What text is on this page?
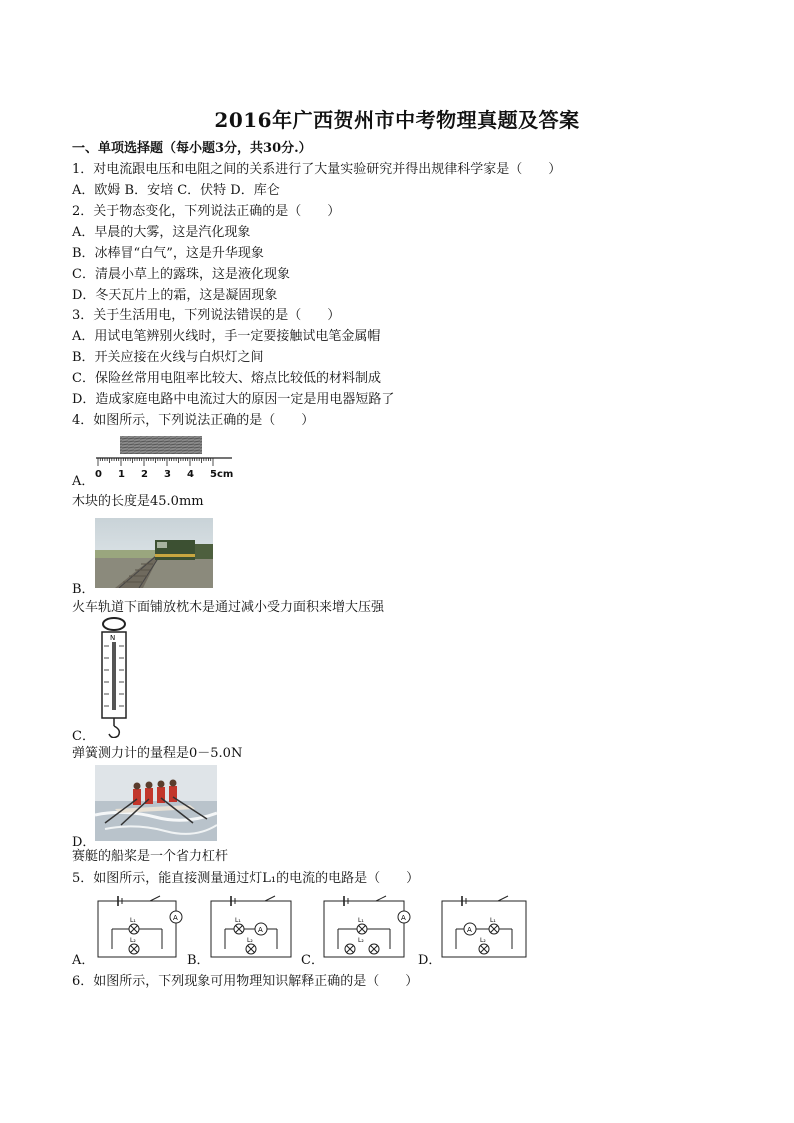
2016年广西贺州市中考物理真题及答案
一、单项选择题（每小题3分，共30分.）
1．对电流跟电压和电阻之间的关系进行了大量实验研究并得出规律科学家是（　　）
A．欧姆 B．安培 C．伏特 D．库仑
2．关于物态变化，下列说法正确的是（　　）
A．早晨的大雾，这是汽化现象
B．冰棒冒“白气”，这是升华现象
C．清晨小草上的露珠，这是液化现象
D．冬天瓦片上的霜，这是凝固现象
3．关于生活用电，下列说法错误的是（　　）
A．用试电笔辨别火线时，手一定要接触试电笔金属帽
B．开关应接在火线与白炽灯之间
C．保险丝常用电阻率比较大、熔点比较低的材料制成
D．造成家庭电路中电流过大的原因一定是用电器短路了
4．如图所示，下列说法正确的是（　　）
A． 0 1 2 3 4 5cm
木块的长度是45.0mm
B．
火车轨道下面铺放枕木是通过减小受力面积来增大压强
N
C．
弹簧测力计的量程是0－5.0N
D．
赛艇的船桨是一个省力杠杆
5．如图所示，能直接测量通过灯L₁的电流的电路是（　　）
A．
A
L₁
L₂
B．
A
L₁
L₂
C．
A
L₁
L₂
D．
A
L₁
L₂
6．如图所示，下列现象可用物理知识解释正确的是（　　）
